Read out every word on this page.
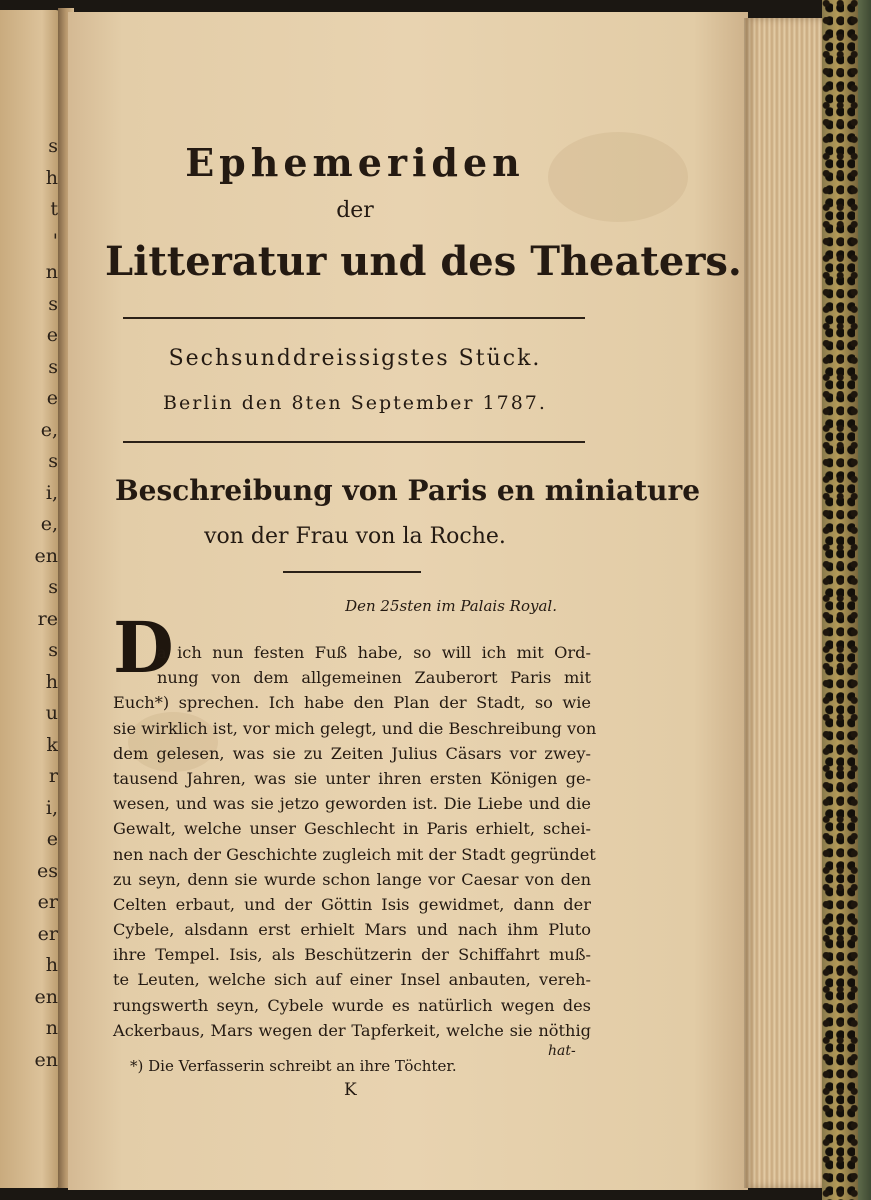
s
h
t
'
n
s
e
s
e
e,
s
i,
e,
en
s
re
s
h
u
k
r
i,
e
es
er
er
h
en
n
en
Ephemeriden
der
Litteratur und des Theaters.
Sechsunddreissigstes Stück.
Berlin den 8ten September 1787.
Beschreibung von Paris en miniature
von der Frau von la Roche.
Den 25sten im Palais Royal.
D
a ich nun festen Fuß habe, so will ich mit Ord-
nung von dem allgemeinen Zauberort Paris mit
Euch*) sprechen. Ich habe den Plan der Stadt, so wie
sie wirklich ist, vor mich gelegt, und die Beschreibung von
dem gelesen, was sie zu Zeiten Julius Cäsars vor zwey-
tausend Jahren, was sie unter ihren ersten Königen ge-
wesen, und was sie jetzo geworden ist. Die Liebe und die
Gewalt, welche unser Geschlecht in Paris erhielt, schei-
nen nach der Geschichte zugleich mit der Stadt gegründet
zu seyn, denn sie wurde schon lange vor Caesar von den
Celten erbaut, und der Göttin Isis gewidmet, dann der
Cybele, alsdann erst erhielt Mars und nach ihm Pluto
ihre Tempel. Isis, als Beschützerin der Schiffahrt muß-
te Leuten, welche sich auf einer Insel anbauten, vereh-
rungswerth seyn, Cybele wurde es natürlich wegen des
Ackerbaus, Mars wegen der Tapferkeit, welche sie nöthig
hat-
*) Die Verfasserin schreibt an ihre Töchter.
K
